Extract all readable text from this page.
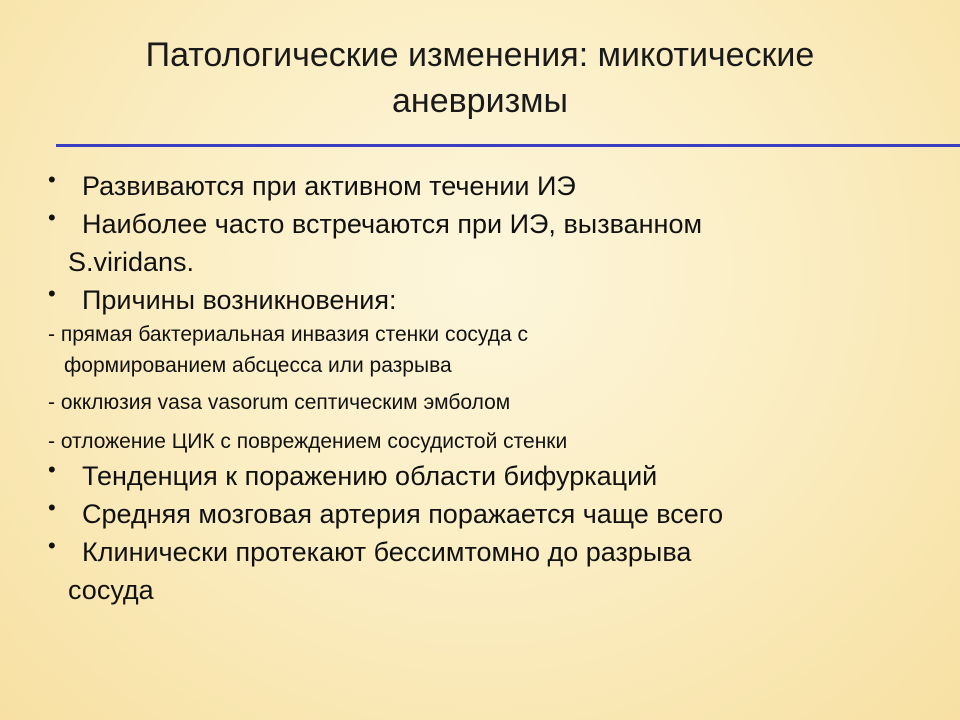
Патологические изменения: микотические
аневризмы
• Развиваются при активном течении ИЭ
• Наиболее часто встречаются при ИЭ, вызванном
S.viridans.
• Причины возникновения:
- прямая бактериальная инвазия стенки сосуда с
формированием абсцесса или разрыва
- окклюзия vasa vasorum септическим эмболом
- отложение ЦИК с повреждением сосудистой стенки
• Тенденция к поражению области бифуркаций
• Средняя мозговая артерия поражается чаще всего
• Клинически протекают бессимтомно до разрыва
сосуда
